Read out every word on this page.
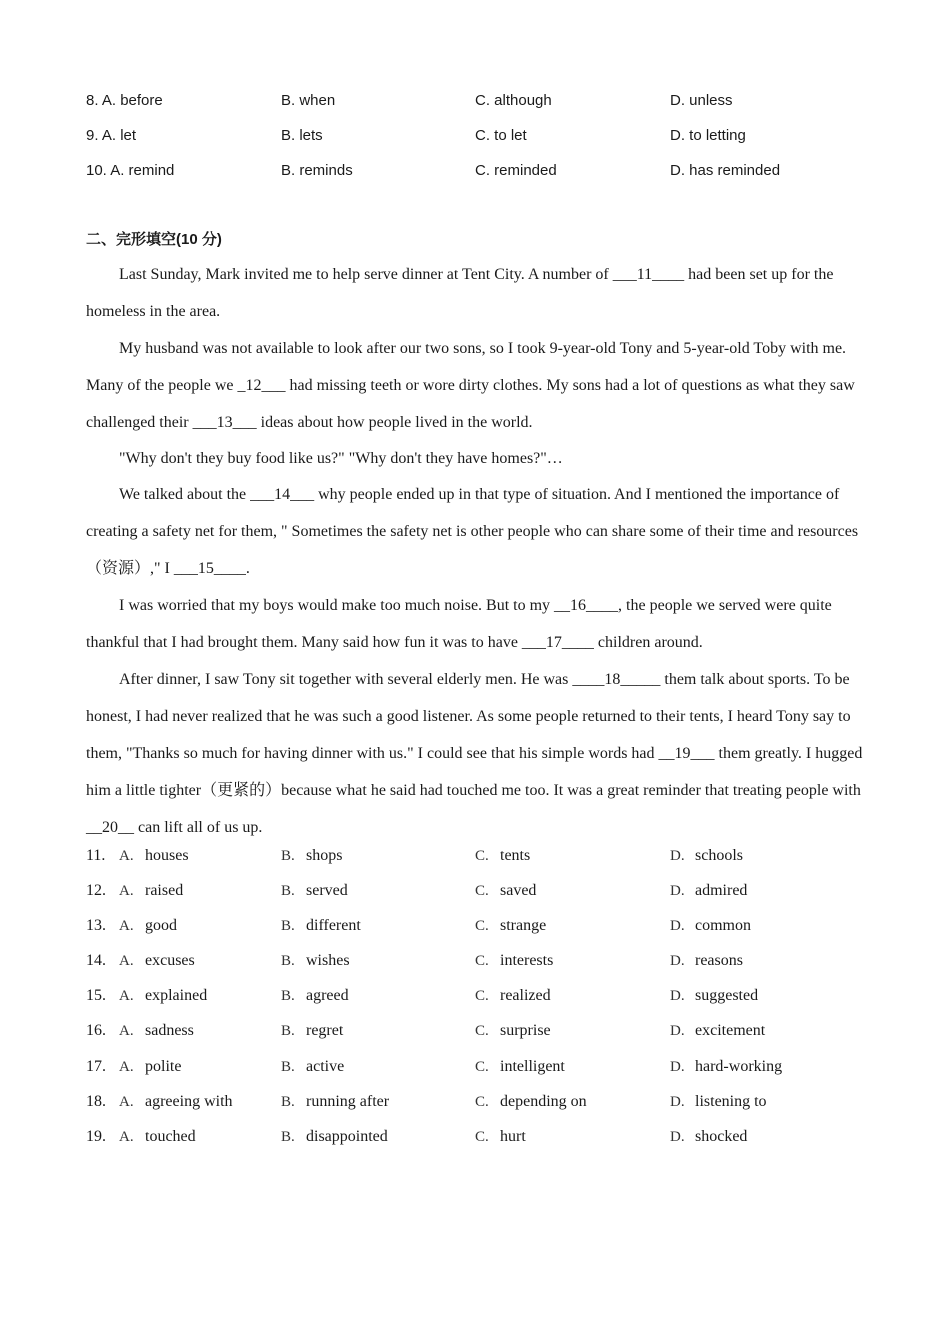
8. A. before	B. when	C. although	D. unless
9. A. let	B. lets	C. to let	D. to letting
10. A. remind	B. reminds	C. reminded	D. has reminded
二、完形填空(10 分)

Last Sunday, Mark invited me to help serve dinner at Tent City. A number of ___11____ had been set up for the homeless in the area.

My husband was not available to look after our two sons, so I took 9-year-old Tony and 5-year-old Toby with me. Many of the people we _12___ had missing teeth or wore dirty clothes. My sons had a lot of questions as what they saw challenged their ___13___ ideas about how people lived in the world.

"Why don't they buy food like us?" "Why don't they have homes?"…

We talked about the ___14___ why people ended up in that type of situation. And I mentioned the importance of creating a safety net for them, " Sometimes the safety net is other people who can share some of their time and resources（资源）," I ___15____.

I was worried that my boys would make too much noise. But to my __16____, the people we served were quite thankful that I had brought them. Many said how fun it was to have ___17____ children around.

After dinner, I saw Tony sit together with several elderly men. He was ____18_____ them talk about sports. To be honest, I had never realized that he was such a good listener. As some people returned to their tents, I heard Tony say to them, "Thanks so much for having dinner with us." I could see that his simple words had __19___ them greatly. I hugged him a little tighter（更紧的）because what he said had touched me too. It was a great reminder that treating people with __20__ can lift all of us up.

11. A. houses	B. shops	C. tents	D. schools
12. A. raised	B. served	C. saved	D. admired
13. A. good	B. different	C. strange	D. common
14. A. excuses	B. wishes	C. interests	D. reasons
15. A. explained	B. agreed	C. realized	D. suggested
16. A. sadness	B. regret	C. surprise	D. excitement
17. A. polite	B. active	C. intelligent	D. hard-working
18. A. agreeing with	B. running after	C. depending on	D. listening to
19. A. touched	B. disappointed	C. hurt	D. shocked
